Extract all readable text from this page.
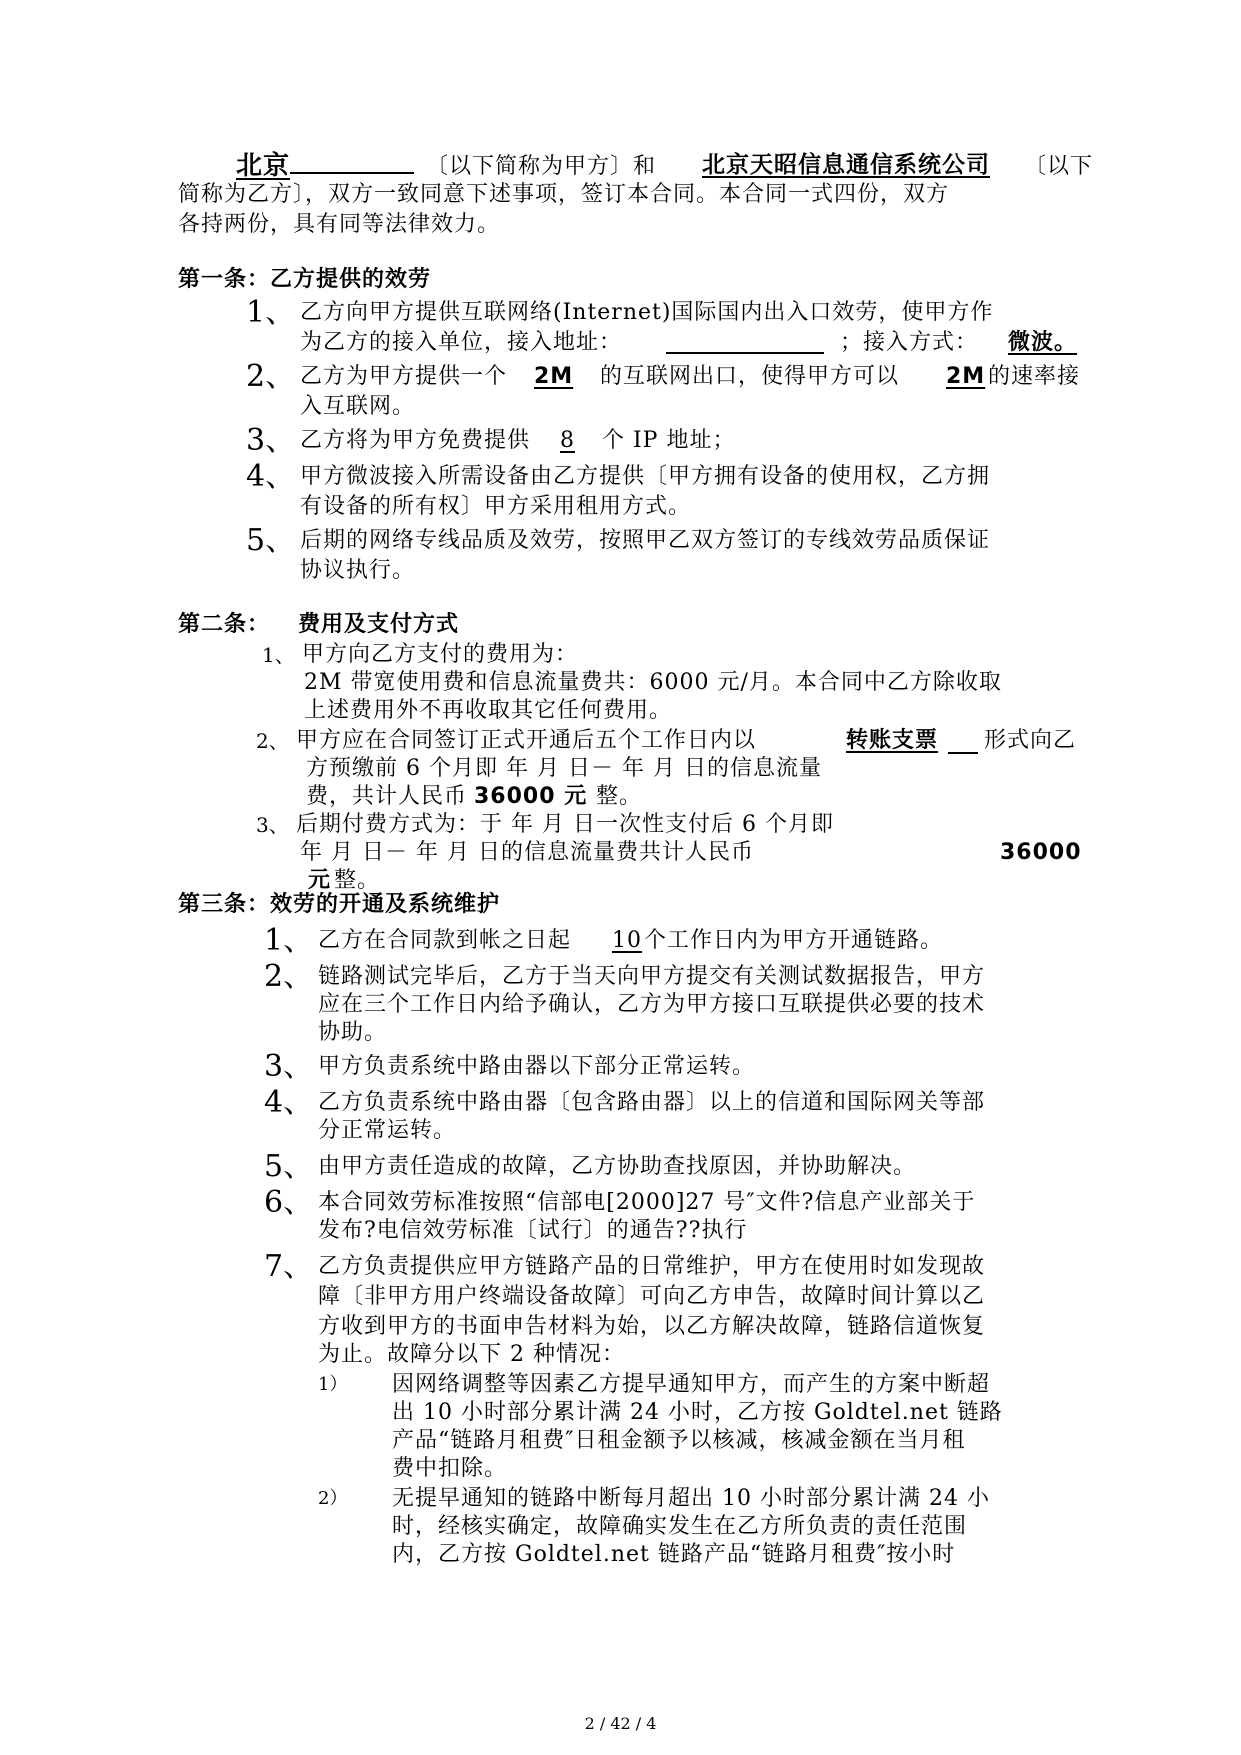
北京	〔以下简称为甲方〕和 北京天昭信息通信系统公司 〔以下
简称为乙方〕，双方一致同意下述事项，签订本合同。本合同一式四份，双方
各持两份，具有同等法律效力。
第一条：乙方提供的效劳
1、 乙方向甲方提供互联网络(Internet)国际国内出入口效劳，使甲方作
为乙方的接入单位，接入地址：	；接入方式： 微波。
2、 乙方为甲方提供一个 2M 的互联网出口，使得甲方可以 2M 的速率接
入互联网。
3、 乙方将为甲方免费提供 8 个 IP 地址；
4、 甲方微波接入所需设备由乙方提供〔甲方拥有设备的使用权，乙方拥
有设备的所有权〕甲方采用租用方式。
5、 后期的网络专线品质及效劳，按照甲乙双方签订的专线效劳品质保证
协议执行。
第二条： 费用及支付方式
1、 甲方向乙方支付的费用为：
2M 带宽使用费和信息流量费共：6000 元/月。本合同中乙方除收取
上述费用外不再收取其它任何费用。
2、 甲方应在合同签订正式开通后五个工作日内以	转账支票 形式向乙
方预缴前 6 个月即 年 月 日－ 年 月 日的信息流量
费，共计人民币 36000 元 整。
3、 后期付费方式为：于 年 月 日一次性支付后 6 个月即
年 月 日－ 年 月 日的信息流量费共计人民币	36000
元 整。
第三条：效劳的开通及系统维护
1、 乙方在合同款到帐之日起 10 个工作日内为甲方开通链路。
2、 链路测试完毕后，乙方于当天向甲方提交有关测试数据报告，甲方
应在三个工作日内给予确认，乙方为甲方接口互联提供必要的技术
协助。
3、 甲方负责系统中路由器以下部分正常运转。
4、 乙方负责系统中路由器〔包含路由器〕以上的信道和国际网关等部
分正常运转。
5、 由甲方责任造成的故障，乙方协助查找原因，并协助解决。
6、 本合同效劳标准按照“信部电[2000]27 号″文件?信息产业部关于
发布?电信效劳标准〔试行〕的通告??执行
7、 乙方负责提供应甲方链路产品的日常维护，甲方在使用时如发现故
障〔非甲方用户终端设备故障〕可向乙方申告，故障时间计算以乙
方收到甲方的书面申告材料为始，以乙方解决故障，链路信道恢复
为止。故障分以下 2 种情况：
1） 因网络调整等因素乙方提早通知甲方，而产生的方案中断超
出 10 小时部分累计满 24 小时，乙方按 Goldtel.net 链路
产品“链路月租费″日租金额予以核减，核减金额在当月租
费中扣除。
2） 无提早通知的链路中断每月超出 10 小时部分累计满 24 小
时，经核实确定，故障确实发生在乙方所负责的责任范围
内，乙方按 Goldtel.net 链路产品“链路月租费″按小时
2 / 42 / 4
